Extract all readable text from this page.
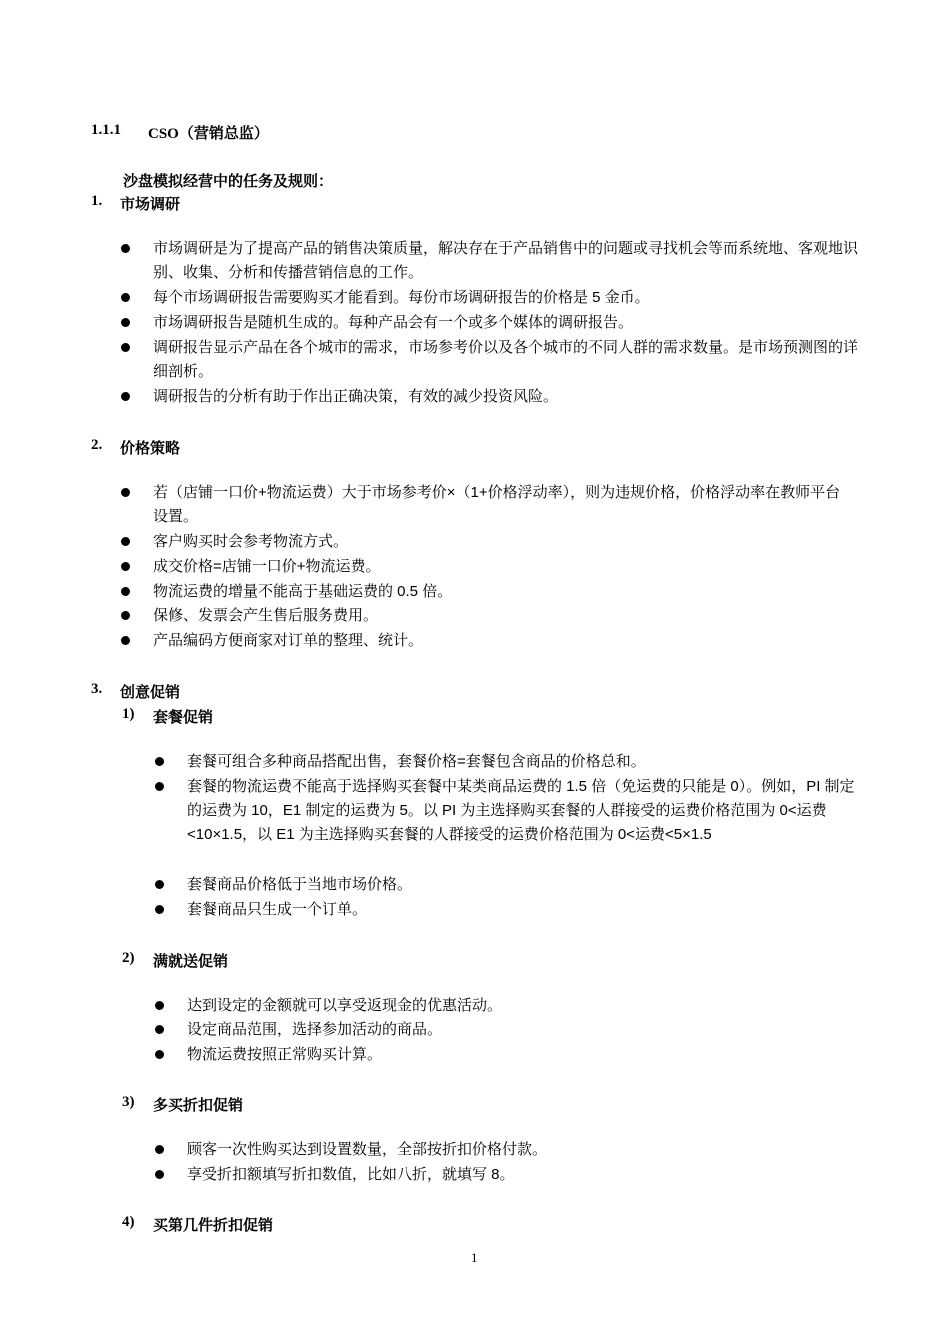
1.1.1 CSO（营销总监）
沙盘模拟经营中的任务及规则：
1. 市场调研
市场调研是为了提高产品的销售决策质量，解决存在于产品销售中的问题或寻找机会等而系统地、客观地识别、收集、分析和传播营销信息的工作。
每个市场调研报告需要购买才能看到。每份市场调研报告的价格是 5 金币。
市场调研报告是随机生成的。每种产品会有一个或多个媒体的调研报告。
调研报告显示产品在各个城市的需求，市场参考价以及各个城市的不同人群的需求数量。是市场预测图的详细剖析。
调研报告的分析有助于作出正确决策，有效的减少投资风险。
2. 价格策略
若（店铺一口价+物流运费）大于市场参考价×（1+价格浮动率），则为违规价格，价格浮动率在教师平台设置。
客户购买时会参考物流方式。
成交价格=店铺一口价+物流运费。
物流运费的增量不能高于基础运费的 0.5 倍。
保修、发票会产生售后服务费用。
产品编码方便商家对订单的整理、统计。
3. 创意促销
1) 套餐促销
套餐可组合多种商品搭配出售，套餐价格=套餐包含商品的价格总和。
套餐的物流运费不能高于选择购买套餐中某类商品运费的 1.5 倍（免运费的只能是 0）。例如，PI 制定的运费为 10，E1 制定的运费为 5。以 PI 为主选择购买套餐的人群接受的运费价格范围为 0<运费<10×1.5，以 E1 为主选择购买套餐的人群接受的运费价格范围为 0<运费<5×1.5
套餐商品价格低于当地市场价格。
套餐商品只生成一个订单。
2) 满就送促销
达到设定的金额就可以享受返现金的优惠活动。
设定商品范围，选择参加活动的商品。
物流运费按照正常购买计算。
3) 多买折扣促销
顾客一次性购买达到设置数量，全部按折扣价格付款。
享受折扣额填写折扣数值，比如八折，就填写 8。
4) 买第几件折扣促销
1
